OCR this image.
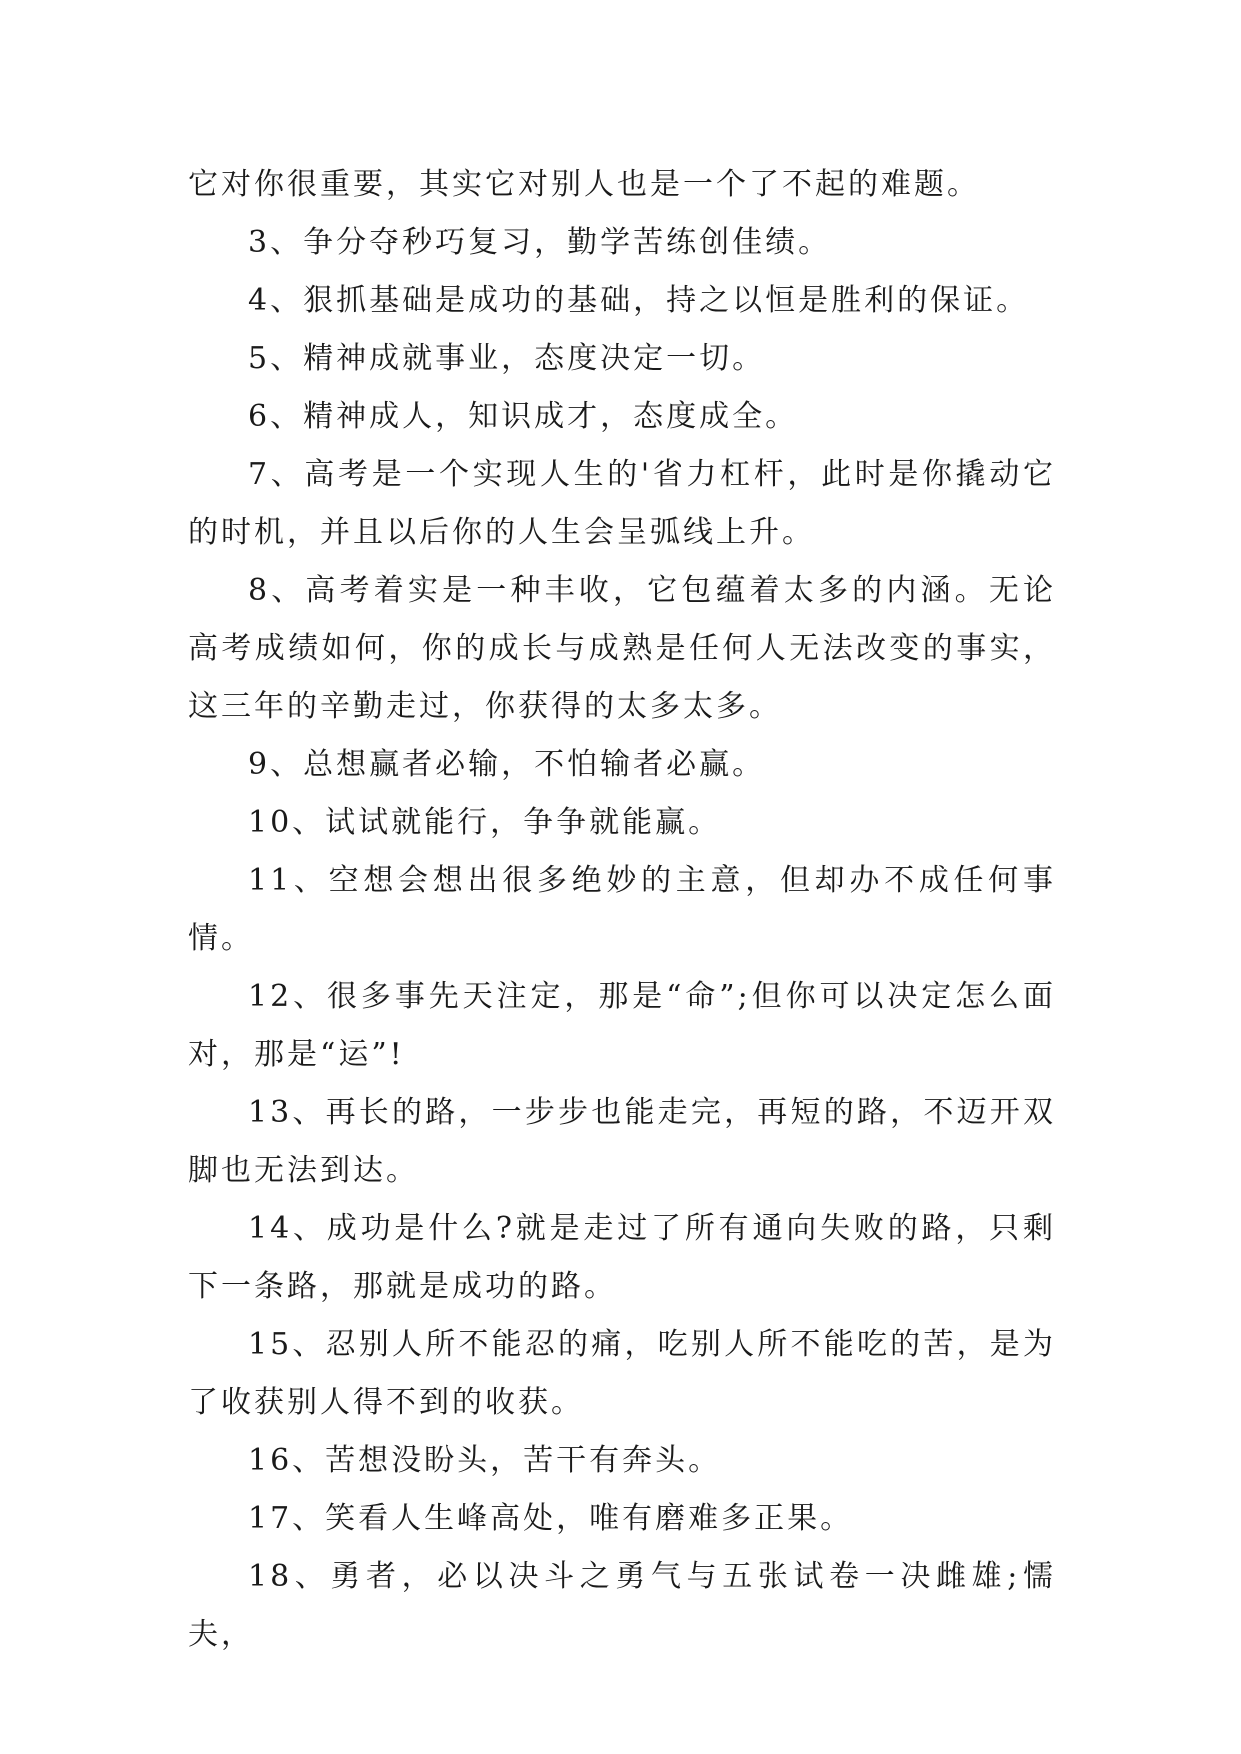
它对你很重要，其实它对别人也是一个了不起的难题。

3、争分夺秒巧复习，勤学苦练创佳绩。

4、狠抓基础是成功的基础，持之以恒是胜利的保证。

5、精神成就事业，态度决定一切。

6、精神成人，知识成才，态度成全。

7、高考是一个实现人生的'省力杠杆，此时是你撬动它的时机，并且以后你的人生会呈弧线上升。

8、高考着实是一种丰收，它包蕴着太多的内涵。无论高考成绩如何，你的成长与成熟是任何人无法改变的事实，这三年的辛勤走过，你获得的太多太多。

9、总想赢者必输，不怕输者必赢。

10、试试就能行，争争就能赢。

11、空想会想出很多绝妙的主意，但却办不成任何事情。

12、很多事先天注定，那是“命”;但你可以决定怎么面对，那是“运”!

13、再长的路，一步步也能走完，再短的路，不迈开双脚也无法到达。

14、成功是什么?就是走过了所有通向失败的路，只剩下一条路，那就是成功的路。

15、忍别人所不能忍的痛，吃别人所不能吃的苦，是为了收获别人得不到的收获。

16、苦想没盼头，苦干有奔头。

17、笑看人生峰高处，唯有磨难多正果。

18、勇者，必以决斗之勇气与五张试卷一决雌雄;懦夫，
